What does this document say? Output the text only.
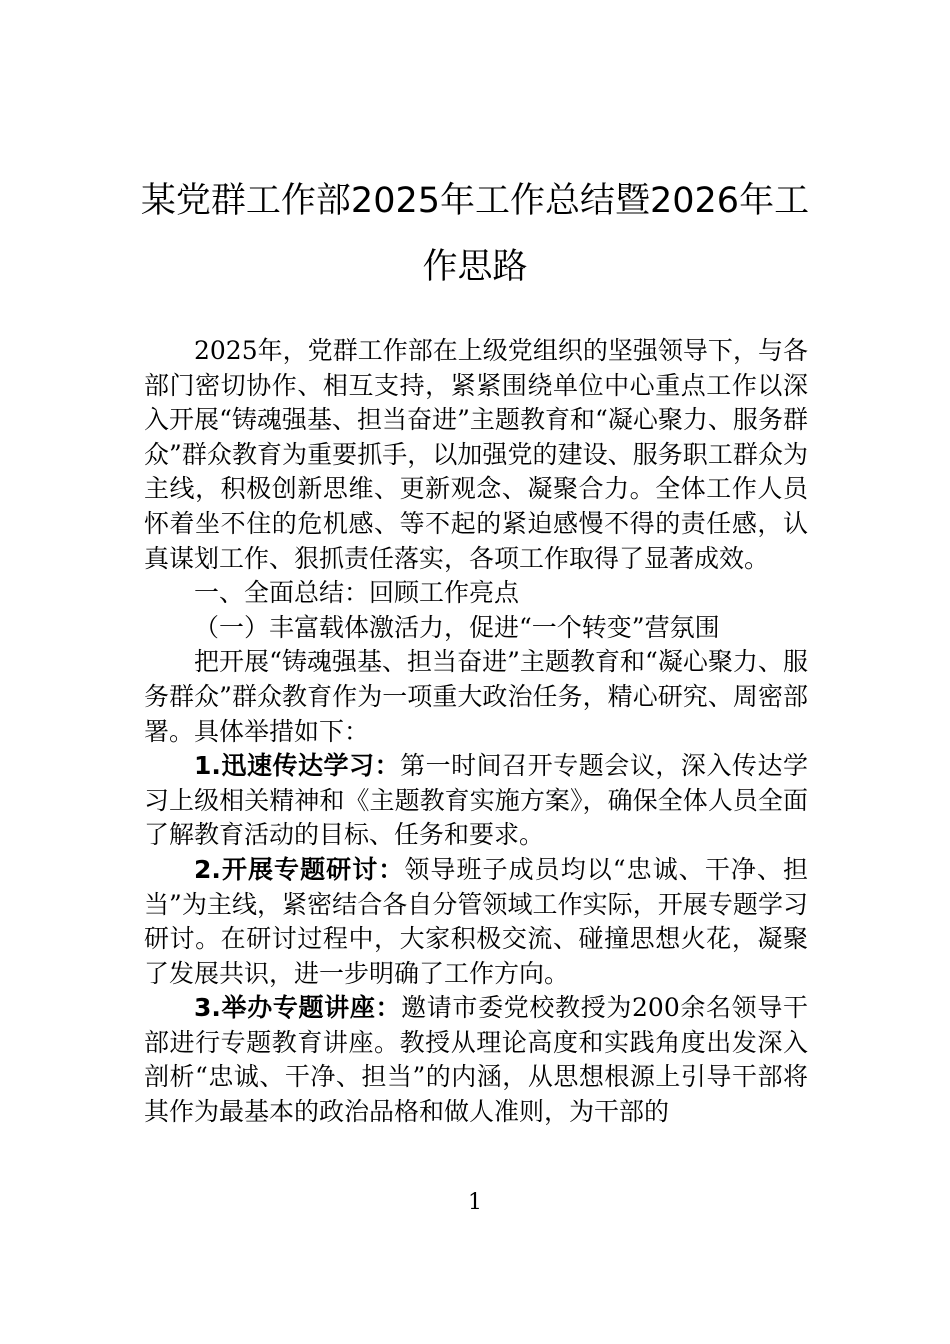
某党群工作部2025年工作总结暨2026年工作思路

2025年，党群工作部在上级党组织的坚强领导下，与各部门密切协作、相互支持，紧紧围绕单位中心重点工作以深入开展“铸魂强基、担当奋进”主题教育和“凝心聚力、服务群众”群众教育为重要抓手，以加强党的建设、服务职工群众为主线，积极创新思维、更新观念、凝聚合力。全体工作人员怀着坐不住的危机感、等不起的紧迫感慢不得的责任感，认真谋划工作、狠抓责任落实，各项工作取得了显著成效。

一、全面总结：回顾工作亮点

（一）丰富载体激活力，促进“一个转变”营氛围

把开展“铸魂强基、担当奋进”主题教育和“凝心聚力、服务群众”群众教育作为一项重大政治任务，精心研究、周密部署。具体举措如下：

1.迅速传达学习：第一时间召开专题会议，深入传达学习上级相关精神和《主题教育实施方案》，确保全体人员全面了解教育活动的目标、任务和要求。

2.开展专题研讨：领导班子成员均以“忠诚、干净、担当”为主线，紧密结合各自分管领域工作实际，开展专题学习研讨。在研讨过程中，大家积极交流、碰撞思想火花，凝聚了发展共识，进一步明确了工作方向。

3.举办专题讲座：邀请市委党校教授为200余名领导干部进行专题教育讲座。教授从理论高度和实践角度出发深入剖析“忠诚、干净、担当”的内涵，从思想根源上引导干部将其作为最基本的政治品格和做人准则，为干部的

1
